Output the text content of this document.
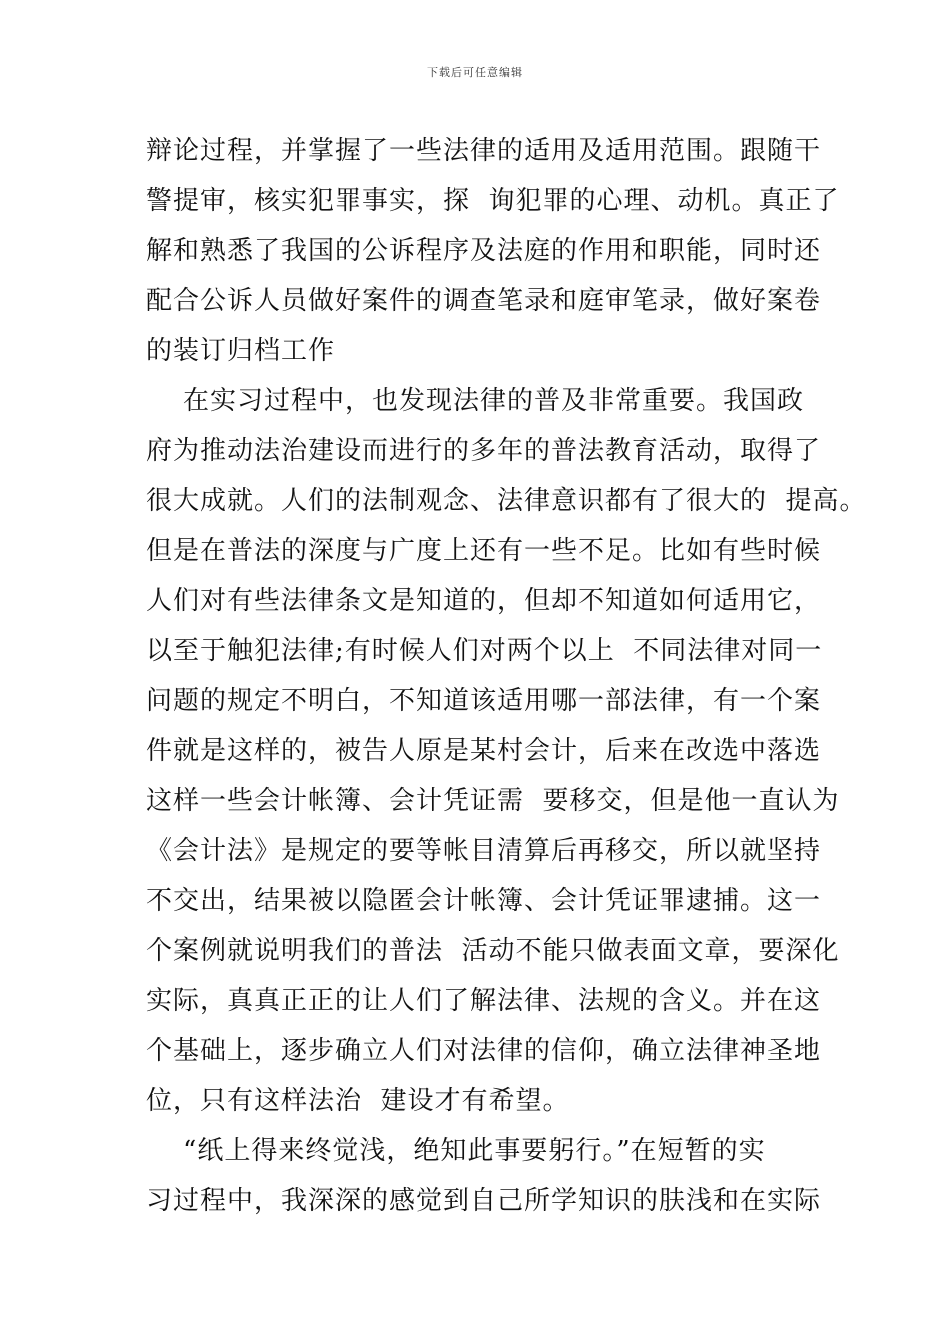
下载后可任意编辑
辩论过程，并掌握了一些法律的适用及适用范围。跟随干
警提审，核实犯罪事实，探  询犯罪的心理、动机。真正了
解和熟悉了我国的公诉程序及法庭的作用和职能，同时还
配合公诉人员做好案件的调查笔录和庭审笔录，做好案卷
的装订归档工作
在实习过程中，也发现法律的普及非常重要。我国政
府为推动法治建设而进行的多年的普法教育活动，取得了
很大成就。人们的法制观念、法律意识都有了很大的  提高。
但是在普法的深度与广度上还有一些不足。比如有些时候
人们对有些法律条文是知道的，但却不知道如何适用它，
以至于触犯法律;有时候人们对两个以上  不同法律对同一
问题的规定不明白，不知道该适用哪一部法律，有一个案
件就是这样的，被告人原是某村会计，后来在改选中落选
这样一些会计帐簿、会计凭证需  要移交，但是他一直认为
《会计法》是规定的要等帐目清算后再移交，所以就坚持
不交出，结果被以隐匿会计帐簿、会计凭证罪逮捕。这一
个案例就说明我们的普法  活动不能只做表面文章，要深化
实际，真真正正的让人们了解法律、法规的含义。并在这
个基础上，逐步确立人们对法律的信仰，确立法律神圣地
位，只有这样法治  建设才有希望。
“纸上得来终觉浅，绝知此事要躬行。”在短暂的实
习过程中，我深深的感觉到自己所学知识的肤浅和在实际
